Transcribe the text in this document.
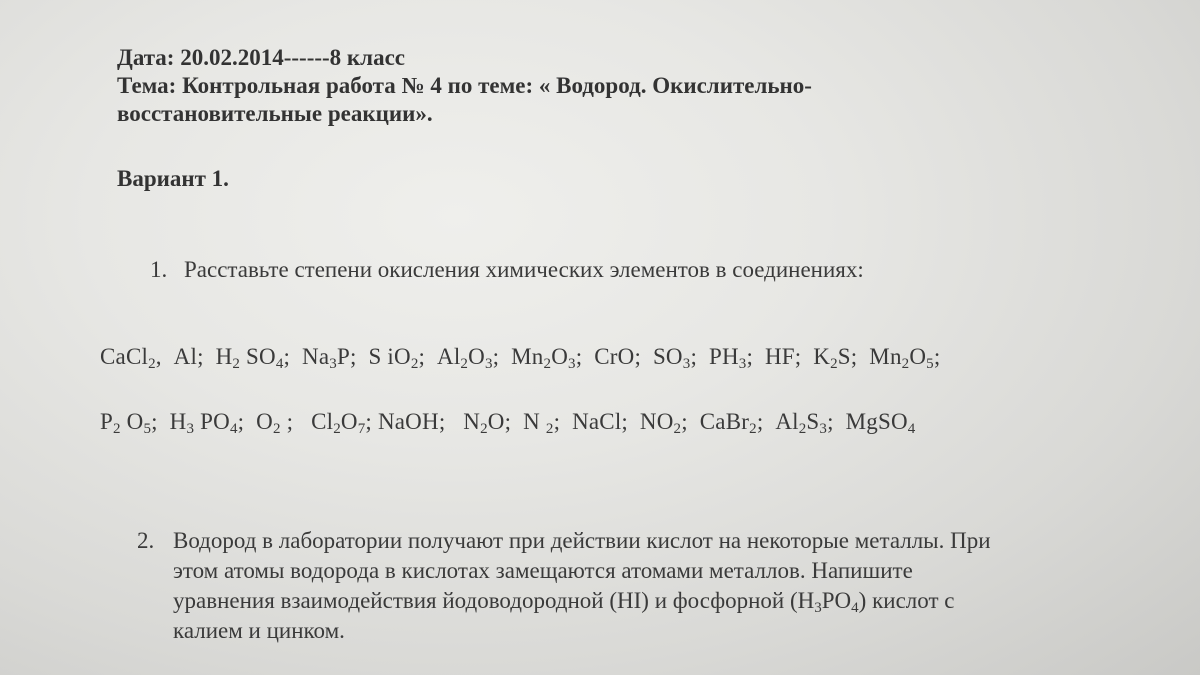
Дата: 20.02.2014------8 класс
Тема: Контрольная работа № 4 по теме: « Водород. Окислительно-
восстановительные реакции».
Вариант 1.
1. Расставьте степени окисления химических элементов в соединениях:
CaCl$_2$,  Al;  $H_2$ $SO_4$;  $Na_3P$;  S $iO_2$;  $Al_2O_3$;  $Mn_2O_3$;  CrO;  $SO_3$;  $PH_3$;  HF;  $K_2S$;  $Mn_2O_5$;
$P_2$ $O_5$;  $H_3$ $PO_4$;  $O_2$ ;   $Cl_2O_7$; NaOH;   $N_2O$;  N $_2$;  NaCl;  $NO_2$;  CaBr$_2$;  $Al_2S_3$;  MgSO$_4$
2. Водород в лаборатории получают при действии кислот на некоторые металлы. При
этом атомы водорода в кислотах замещаются атомами металлов. Напишите
уравнения взаимодействия йодоводородной (HI) и фосфорной $(H_3PO_4)$ кислот с
калием и цинком.
